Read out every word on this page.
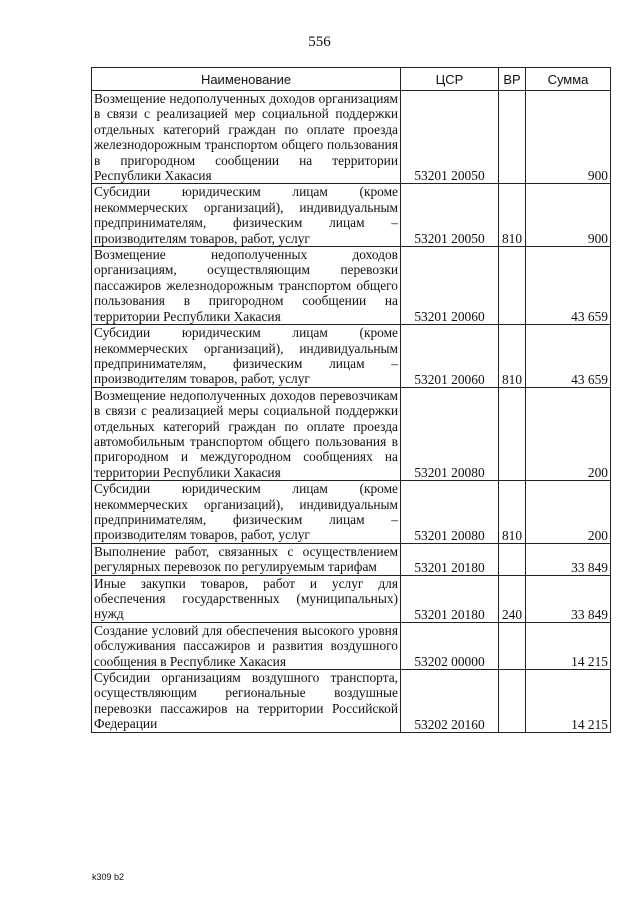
556
Наименование	ЦСР	ВР	Сумма
Возмещение недополученных доходов организациям в связи с реализацией мер социальной поддержки отдельных категорий граждан по оплате проезда железнодорожным транспортом общего пользования в пригородном сообщении на территории Республики Хакасия	53201 20050		900
Субсидии юридическим лицам (кроме некоммерческих организаций), индивидуальным предпринимателям, физическим лицам – производителям товаров, работ, услуг	53201 20050	810	900
Возмещение недополученных доходов организациям, осуществляющим перевозки пассажиров железнодорожным транспортом общего пользования в пригородном сообщении на территории Республики Хакасия	53201 20060		43 659
Субсидии юридическим лицам (кроме некоммерческих организаций), индивидуальным предпринимателям, физическим лицам – производителям товаров, работ, услуг	53201 20060	810	43 659
Возмещение недополученных доходов перевозчикам в связи с реализацией меры социальной поддержки отдельных категорий граждан по оплате проезда автомобильным транспортом общего пользования в пригородном и междугородном сообщениях на территории Республики Хакасия	53201 20080		200
Субсидии юридическим лицам (кроме некоммерческих организаций), индивидуальным предпринимателям, физическим лицам – производителям товаров, работ, услуг	53201 20080	810	200
Выполнение работ, связанных с осуществлением регулярных перевозок по регулируемым тарифам	53201 20180		33 849
Иные закупки товаров, работ и услуг для обеспечения государственных (муниципальных) нужд	53201 20180	240	33 849
Создание условий для обеспечения высокого уровня обслуживания пассажиров и развития воздушного сообщения в Республике Хакасия	53202 00000		14 215
Субсидии организациям воздушного транспорта, осуществляющим региональные воздушные перевозки пассажиров на территории Российской Федерации	53202 20160		14 215
k309 b2
